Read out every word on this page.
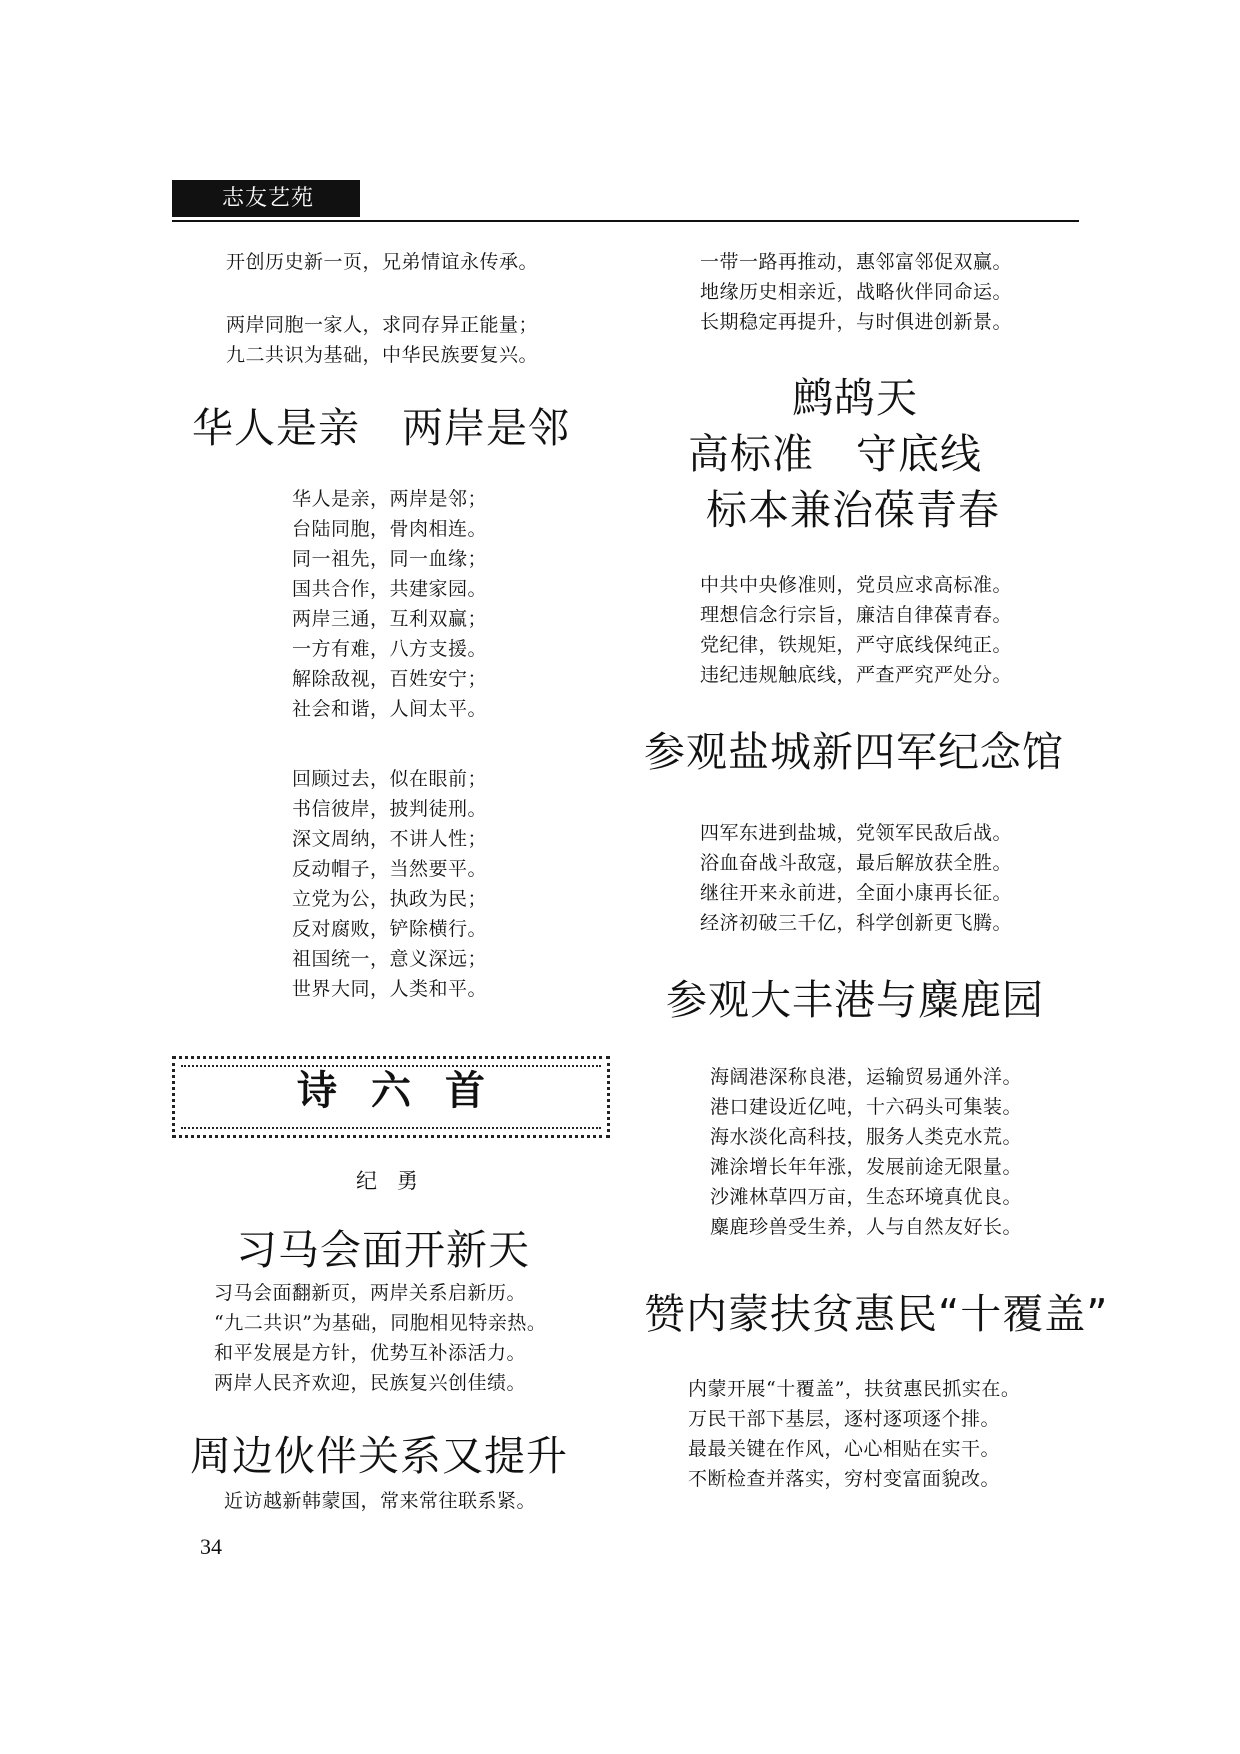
志友艺苑
开创历史新一页，兄弟情谊永传承。
两岸同胞一家人，求同存异正能量；
九二共识为基础，中华民族要复兴。
华人是亲　两岸是邻
华人是亲，两岸是邻；
台陆同胞，骨肉相连。
同一祖先，同一血缘；
国共合作，共建家园。
两岸三通，互利双赢；
一方有难，八方支援。
解除敌视，百姓安宁；
社会和谐，人间太平。
回顾过去，似在眼前；
书信彼岸，披判徒刑。
深文周纳，不讲人性；
反动帽子，当然要平。
立党为公，执政为民；
反对腐败，铲除横行。
祖国统一，意义深远；
世界大同，人类和平。
诗六首
纪勇
习马会面开新天
习马会面翻新页，两岸关系启新历。
“九二共识”为基础，同胞相见特亲热。
和平发展是方针，优势互补添活力。
两岸人民齐欢迎，民族复兴创佳绩。
周边伙伴关系又提升
近访越新韩蒙国，常来常往联系紧。
34
一带一路再推动，惠邻富邻促双赢。
地缘历史相亲近，战略伙伴同命运。
长期稳定再提升，与时俱进创新景。
鹧鸪天
高标准　守底线
标本兼治葆青春
中共中央修准则，党员应求高标准。
理想信念行宗旨，廉洁自律葆青春。
党纪律，铁规矩，严守底线保纯正。
违纪违规触底线，严查严究严处分。
参观盐城新四军纪念馆
四军东进到盐城，党领军民敌后战。
浴血奋战斗敌寇，最后解放获全胜。
继往开来永前进，全面小康再长征。
经济初破三千亿，科学创新更飞腾。
参观大丰港与麋鹿园
海阔港深称良港，运输贸易通外洋。
港口建设近亿吨，十六码头可集装。
海水淡化高科技，服务人类克水荒。
滩涂增长年年涨，发展前途无限量。
沙滩林草四万亩，生态环境真优良。
麋鹿珍兽受生养，人与自然友好长。
赞内蒙扶贫惠民“十覆盖”
内蒙开展“十覆盖”，扶贫惠民抓实在。
万民干部下基层，逐村逐项逐个排。
最最关键在作风，心心相贴在实干。
不断检查并落实，穷村变富面貌改。
